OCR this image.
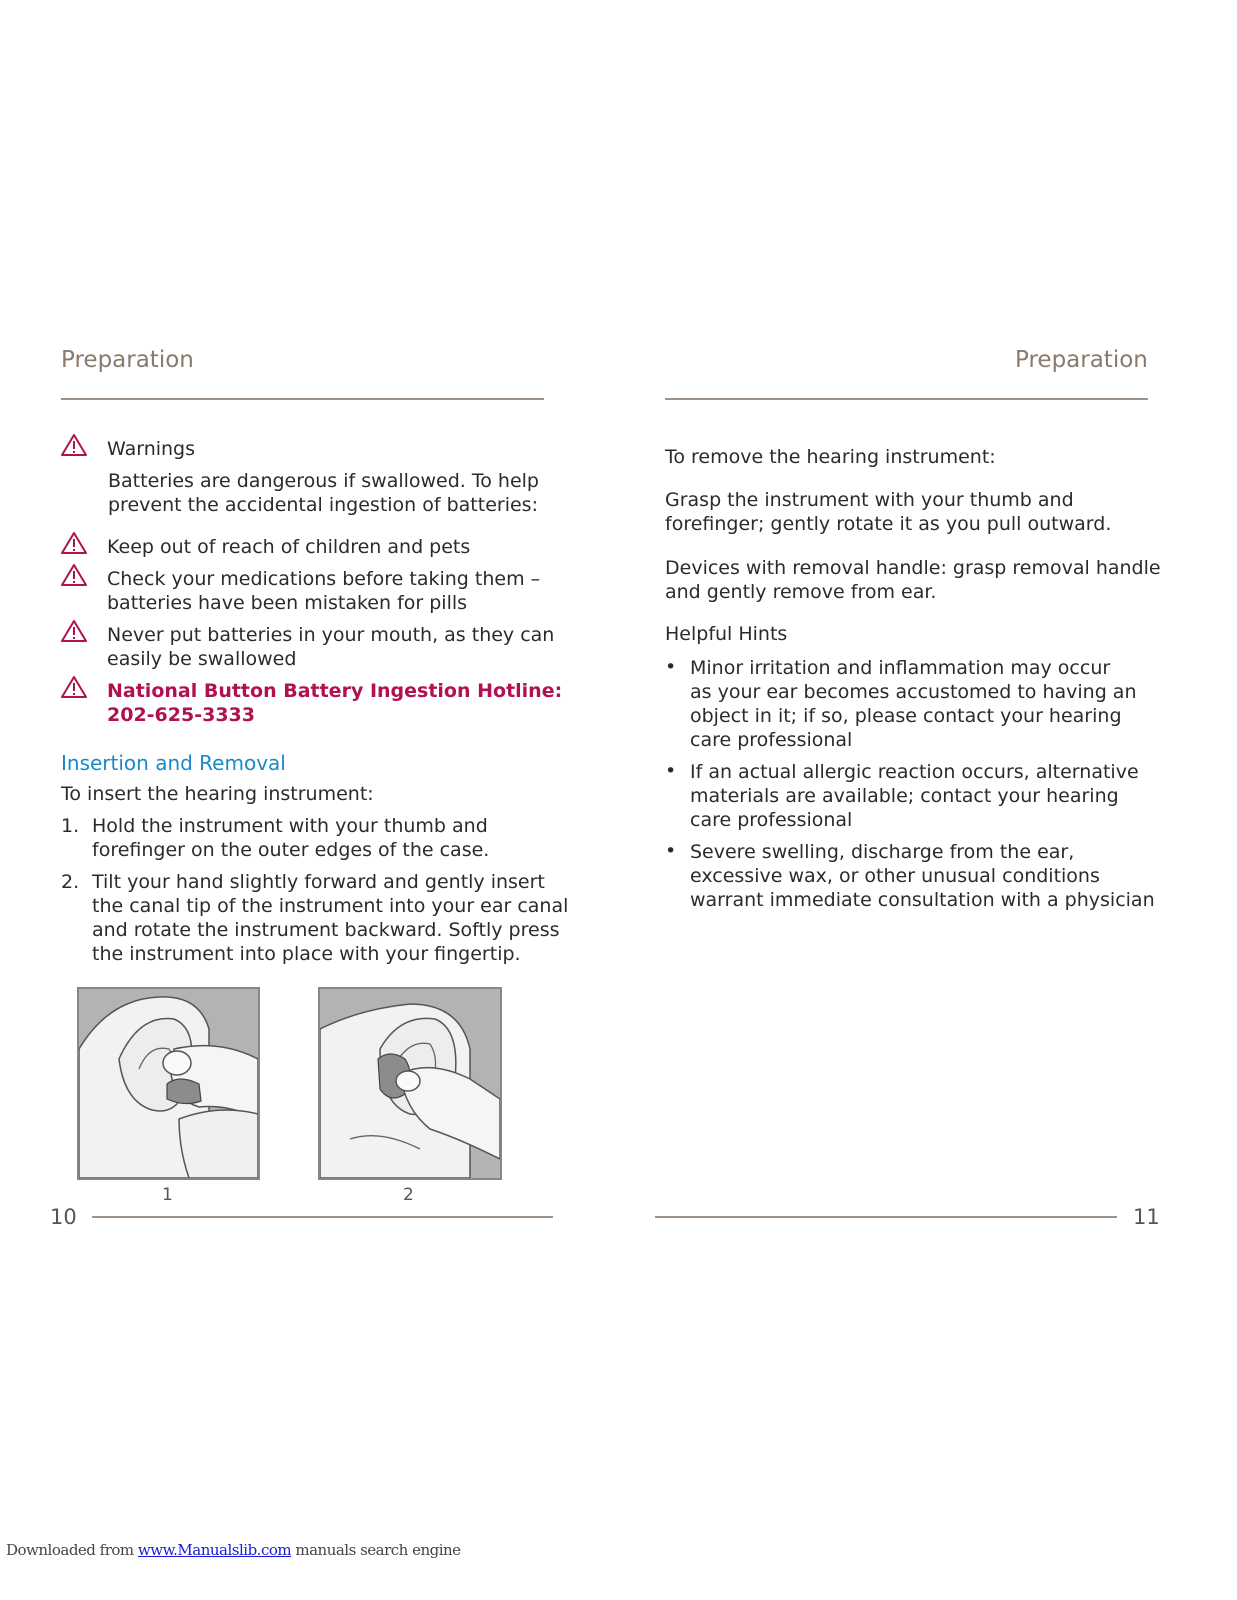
Preparation
Warnings
Batteries are dangerous if swallowed. To help
prevent the accidental ingestion of batteries:
Keep out of reach of children and pets
Check your medications before taking them –
batteries have been mistaken for pills
Never put batteries in your mouth, as they can
easily be swallowed
National Button Battery Ingestion Hotline:
202-625-3333
Insertion and Removal
To insert the hearing instrument:
1. Hold the instrument with your thumb and
forefinger on the outer edges of the case.
2. Tilt your hand slightly forward and gently insert
the canal tip of the instrument into your ear canal
and rotate the instrument backward. Softly press
the instrument into place with your fingertip.
1	2
10
Preparation
To remove the hearing instrument:
Grasp the instrument with your thumb and
forefinger; gently rotate it as you pull outward.
Devices with removal handle: grasp removal handle
and gently remove from ear.
Helpful Hints
• Minor irritation and inflammation may occur
as your ear becomes accustomed to having an
object in it; if so, please contact your hearing
care professional
• If an actual allergic reaction occurs, alternative
materials are available; contact your hearing
care professional
• Severe swelling, discharge from the ear,
excessive wax, or other unusual conditions
warrant immediate consultation with a physician
11
Downloaded from www.Manualslib.com manuals search engine
